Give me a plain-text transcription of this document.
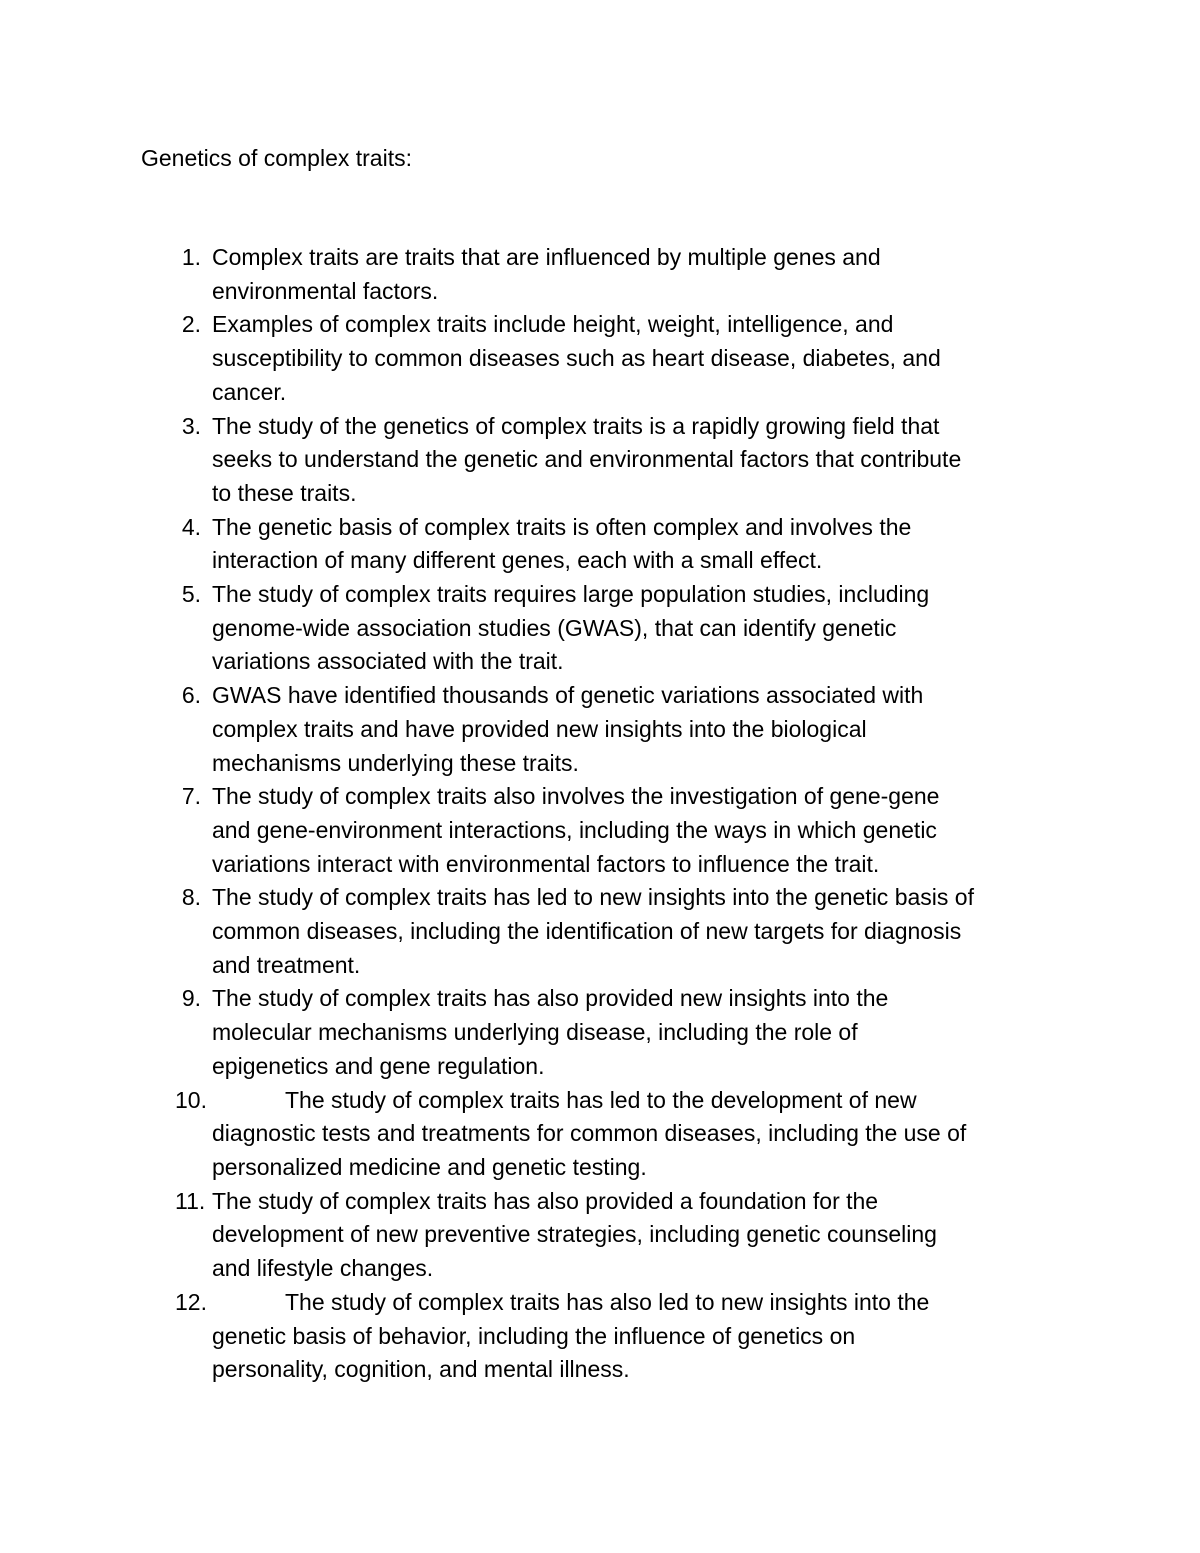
Genetics of complex traits:
1. Complex traits are traits that are influenced by multiple genes and
environmental factors.
2. Examples of complex traits include height, weight, intelligence, and
susceptibility to common diseases such as heart disease, diabetes, and
cancer.
3. The study of the genetics of complex traits is a rapidly growing field that
seeks to understand the genetic and environmental factors that contribute
to these traits.
4. The genetic basis of complex traits is often complex and involves the
interaction of many different genes, each with a small effect.
5. The study of complex traits requires large population studies, including
genome-wide association studies (GWAS), that can identify genetic
variations associated with the trait.
6. GWAS have identified thousands of genetic variations associated with
complex traits and have provided new insights into the biological
mechanisms underlying these traits.
7. The study of complex traits also involves the investigation of gene-gene
and gene-environment interactions, including the ways in which genetic
variations interact with environmental factors to influence the trait.
8. The study of complex traits has led to new insights into the genetic basis of
common diseases, including the identification of new targets for diagnosis
and treatment.
9. The study of complex traits has also provided new insights into the
molecular mechanisms underlying disease, including the role of
epigenetics and gene regulation.
10.	The study of complex traits has led to the development of new
diagnostic tests and treatments for common diseases, including the use of
personalized medicine and genetic testing.
11. The study of complex traits has also provided a foundation for the
development of new preventive strategies, including genetic counseling
and lifestyle changes.
12.	The study of complex traits has also led to new insights into the
genetic basis of behavior, including the influence of genetics on
personality, cognition, and mental illness.
